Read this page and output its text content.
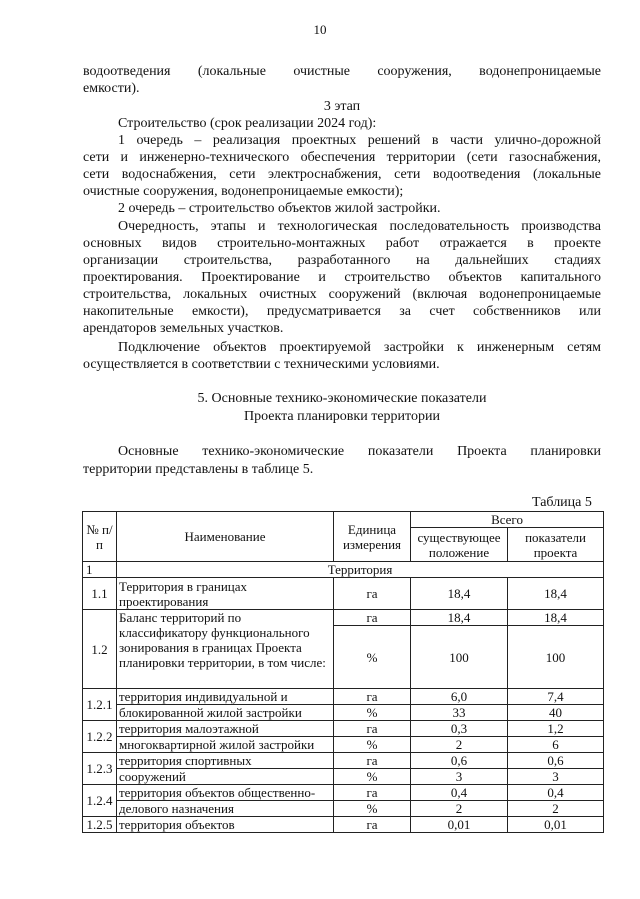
10
водоотведения (локальные очистные сооружения, водонепроницаемые
емкости).
3 этап
Строительство (срок реализации 2024 год):
1 очередь – реализация проектных решений в части улично-дорожной
сети и инженерно-технического обеспечения территории (сети газоснабжения,
сети водоснабжения, сети электроснабжения, сети водоотведения (локальные
очистные сооружения, водонепроницаемые емкости);
2 очередь – строительство объектов жилой застройки.
Очередность, этапы и технологическая последовательность производства
основных видов строительно-монтажных работ отражается в проекте
организации строительства, разработанного на дальнейших стадиях
проектирования. Проектирование и строительство объектов капитального
строительства, локальных очистных сооружений (включая водонепроницаемые
накопительные емкости), предусматривается за счет собственников или
арендаторов земельных участков.
Подключение объектов проектируемой застройки к инженерным сетям
осуществляется в соответствии с техническими условиями.
5. Основные технико-экономические показатели
Проекта планировки территории
Основные технико-экономические показатели Проекта планировки
территории представлены в таблице 5.
Таблица 5
№ п/п	Наименование	Единица измерения	Всего	
			существующее положение	показатели проекта
1	Территория			
1.1	Территория в границах проектирования	га	18,4	18,4
1.2	Баланс территорий по классификатору функционального зонирования в границах Проекта планировки территории, в том числе:	га	18,4	18,4
		%	100	100
1.2.1	территория индивидуальной и	га	6,0	7,4
	блокированной жилой застройки	%	33	40
1.2.2	территория малоэтажной	га	0,3	1,2
	многоквартирной жилой застройки	%	2	6
1.2.3	территория спортивных	га	0,6	0,6
	сооружений	%	3	3
1.2.4	территория объектов общественно-	га	0,4	0,4
	делового назначения	%	2	2
1.2.5	территория объектов	га	0,01	0,01
